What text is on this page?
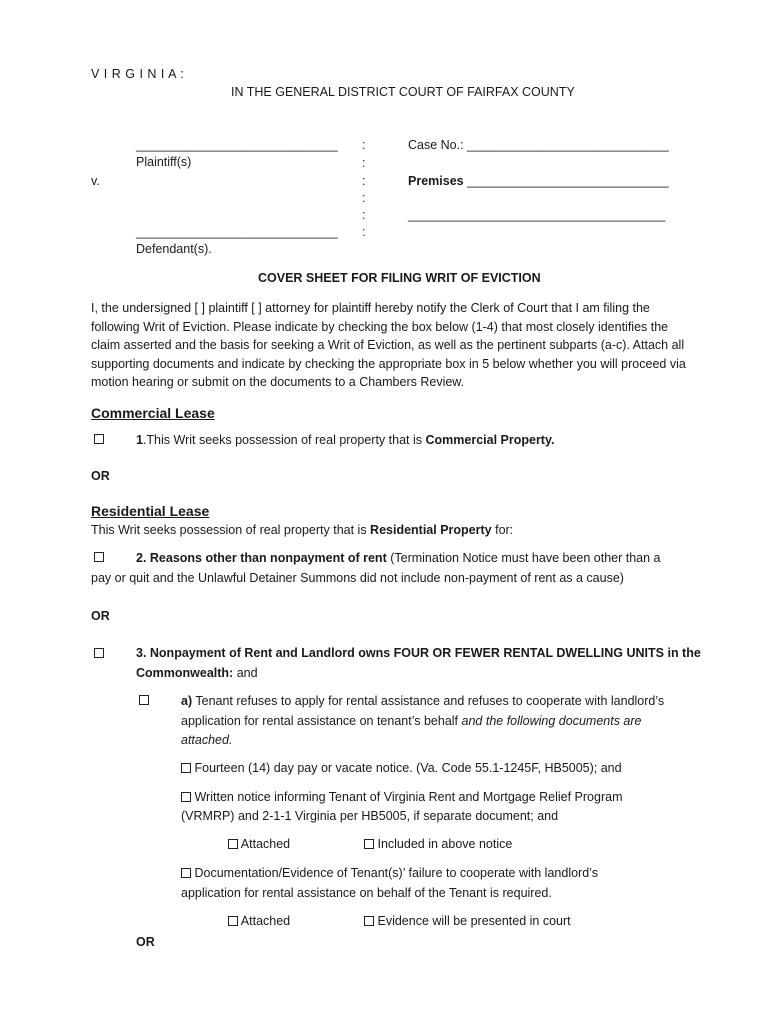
V I R G I N I A :
IN THE GENERAL DISTRICT COURT OF FAIRFAX COUNTY
_____________________________
Plaintiff(s)
v.
_____________________________
Defendant(s).
:
:
:
:
:
:
Case No.: _____________________________
Premises _____________________________
_____________________________________
COVER SHEET FOR FILING WRIT OF EVICTION
I, the undersigned [ ] plaintiff [ ] attorney for plaintiff hereby notify the Clerk of Court that I am filing the following Writ of Eviction. Please indicate by checking the box below (1-4) that most closely identifies the claim asserted and the basis for seeking a Writ of Eviction, as well as the pertinent subparts (a-c). Attach all supporting documents and indicate by checking the appropriate box in 5 below whether you will proceed via motion hearing or submit on the documents to a Chambers Review.
Commercial Lease
1.This Writ seeks possession of real property that is Commercial Property.
OR
Residential Lease
This Writ seeks possession of real property that is Residential Property for:
2. Reasons other than nonpayment of rent (Termination Notice must have been other than a
pay or quit and the Unlawful Detainer Summons did not include non-payment of rent as a cause)
OR
3. Nonpayment of Rent and Landlord owns FOUR OR FEWER RENTAL DWELLING UNITS in the
Commonwealth: and
a) Tenant refuses to apply for rental assistance and refuses to cooperate with landlord’s
application for rental assistance on tenant’s behalf and the following documents are
attached.
Fourteen (14) day pay or vacate notice. (Va. Code 55.1-1245F, HB5005); and
Written notice informing Tenant of Virginia Rent and Mortgage Relief Program
(VRMRP) and 2-1-1 Virginia per HB5005, if separate document; and
Attached	Included in above notice
Documentation/Evidence of Tenant(s)’ failure to cooperate with landlord’s
application for rental assistance on behalf of the Tenant is required.
Attached	Evidence will be presented in court
OR
